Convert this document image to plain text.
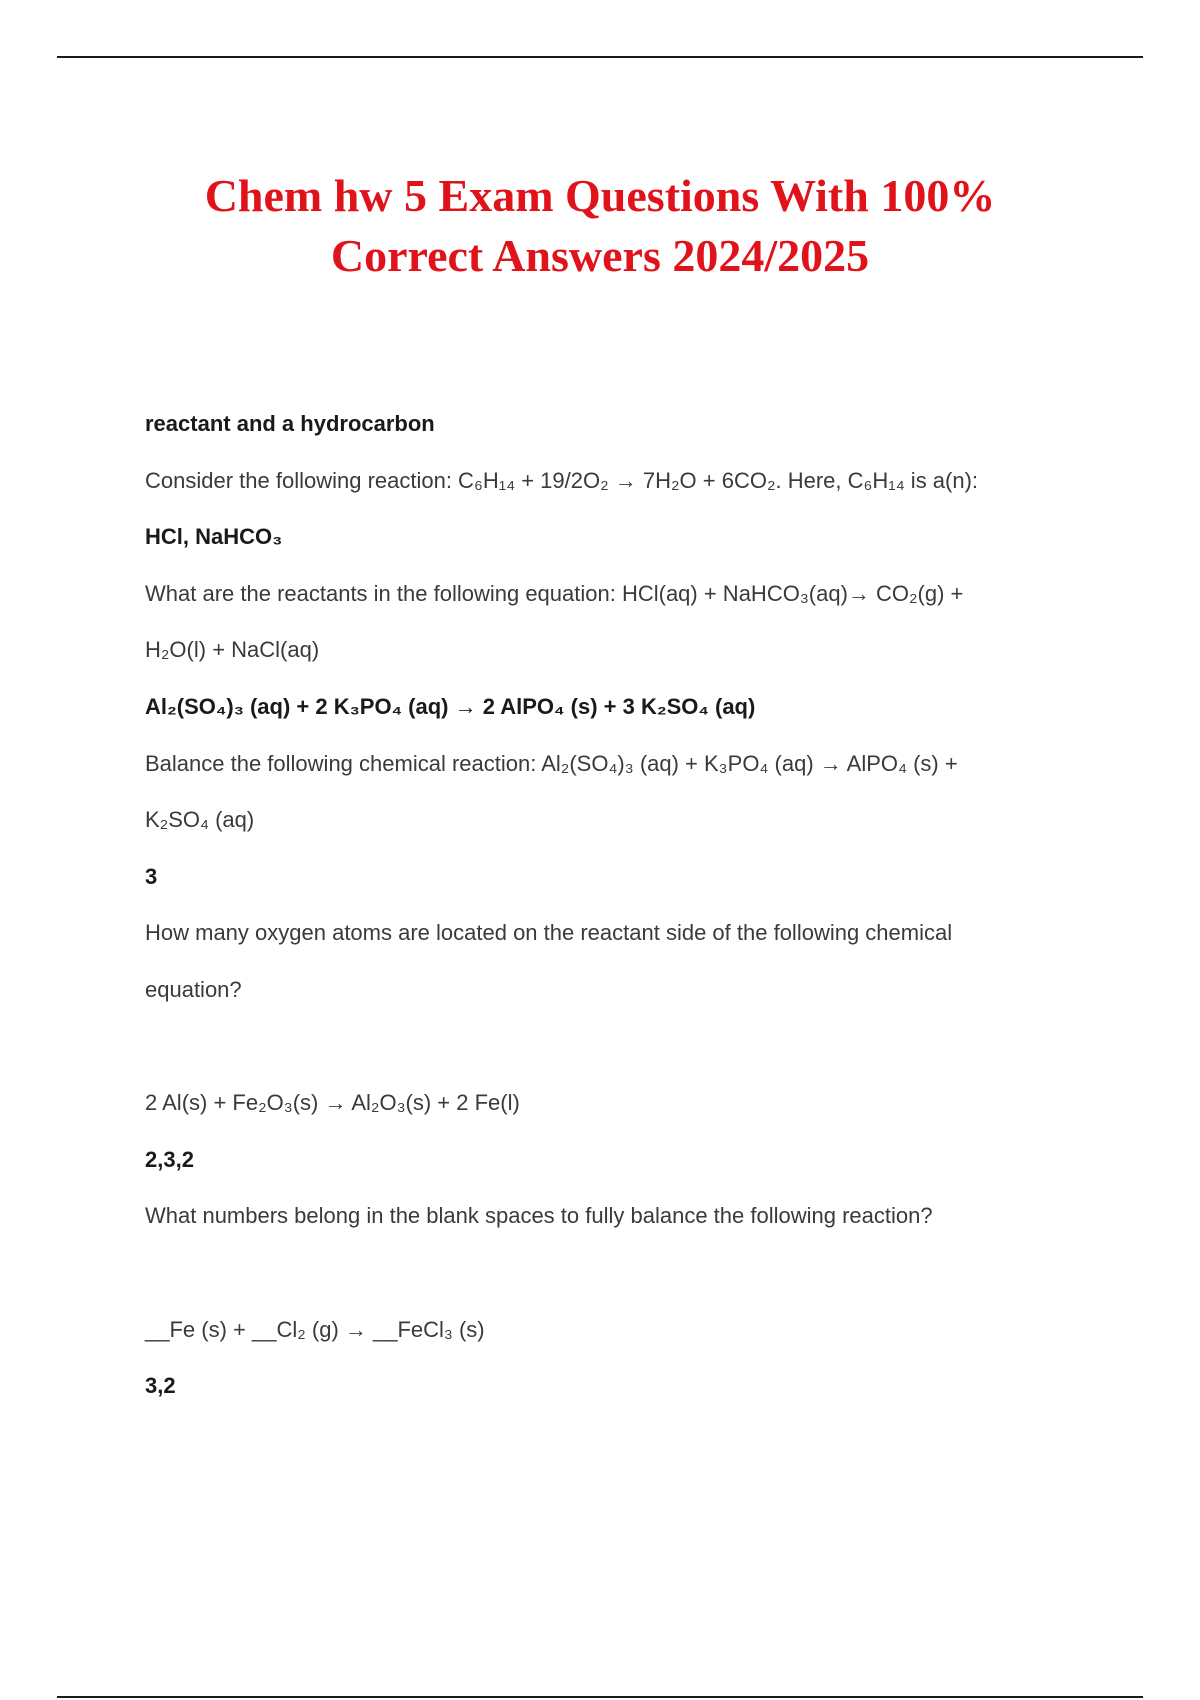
Chem hw 5 Exam Questions With 100%
Correct Answers 2024/2025
reactant and a hydrocarbon
Consider the following reaction: C₆H₁₄ + 19/2O₂ → 7H₂O + 6CO₂. Here, C₆H₁₄ is a(n):
HCl, NaHCO₃
What are the reactants in the following equation: HCl(aq) + NaHCO₃(aq)→ CO₂(g) +
H₂O(l) + NaCl(aq)
Al₂(SO₄)₃ (aq) + 2 K₃PO₄ (aq) → 2 AlPO₄ (s) + 3 K₂SO₄ (aq)
Balance the following chemical reaction: Al₂(SO₄)₃ (aq) + K₃PO₄ (aq) → AlPO₄ (s) +
K₂SO₄ (aq)
3
How many oxygen atoms are located on the reactant side of the following chemical
equation?
2 Al(s) + Fe₂O₃(s) → Al₂O₃(s) + 2 Fe(l)
2,3,2
What numbers belong in the blank spaces to fully balance the following reaction?
__Fe (s) + __Cl₂ (g) → __FeCl₃ (s)
3,2
